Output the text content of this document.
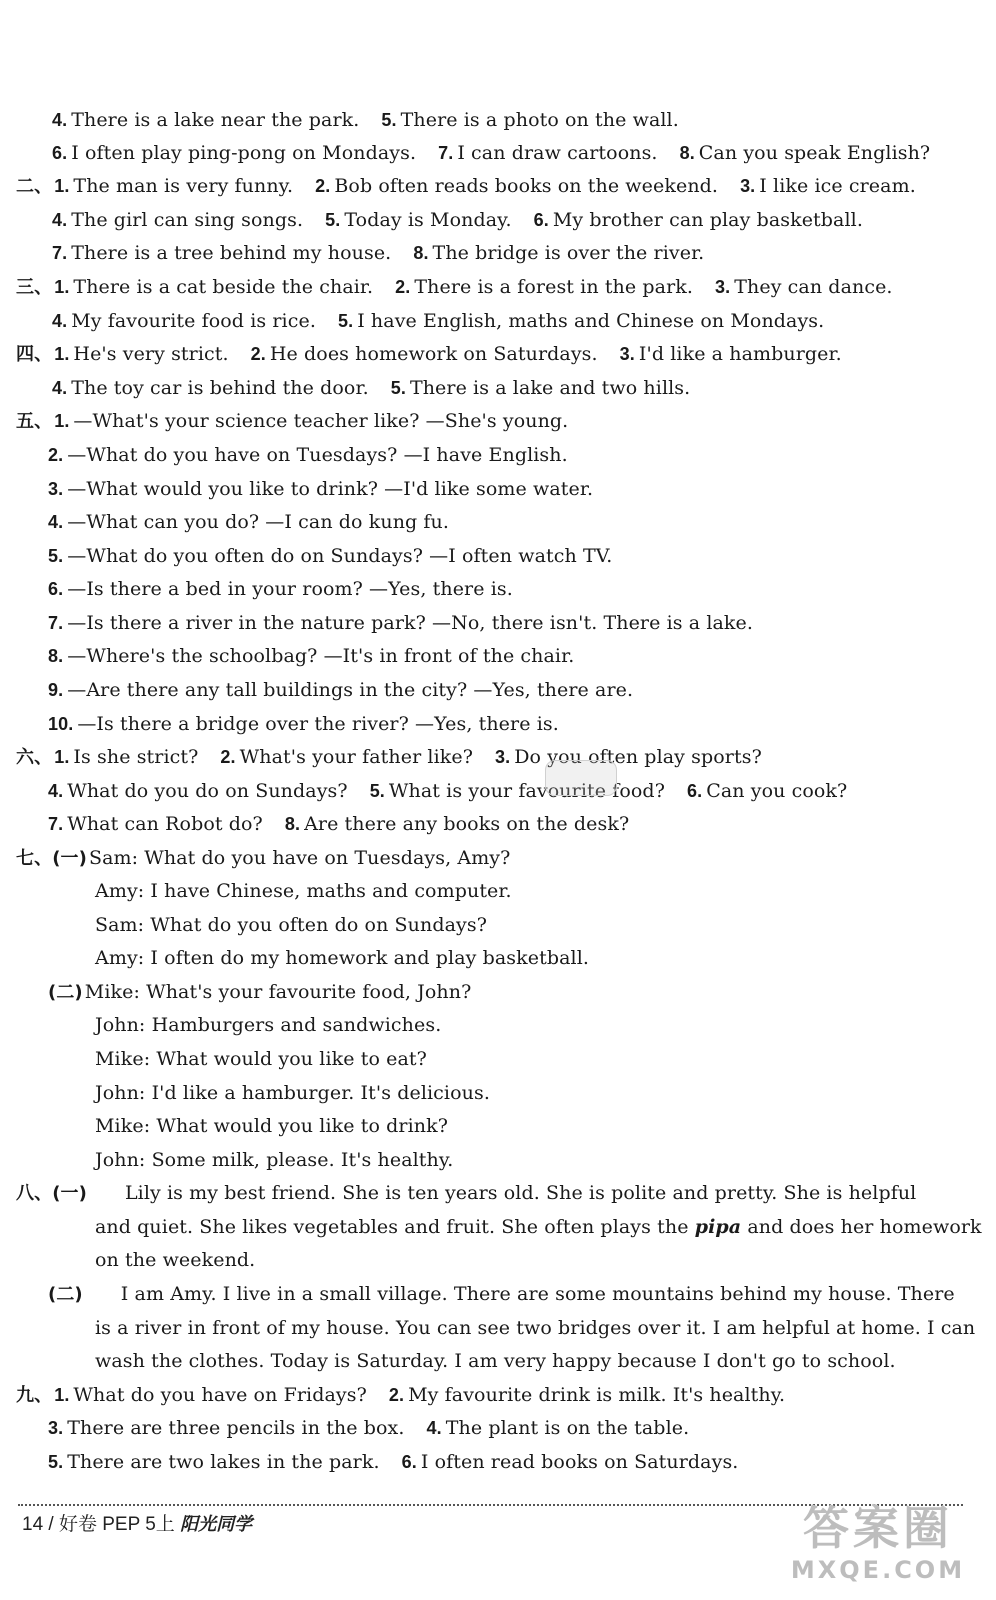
4. There is a lake near the park. 5. There is a photo on the wall.
6. I often play ping-pong on Mondays. 7. I can draw cartoons. 8. Can you speak English?
二、 1. The man is very funny. 2. Bob often reads books on the weekend. 3. I like ice cream.
4. The girl can sing songs. 5. Today is Monday. 6. My brother can play basketball.
7. There is a tree behind my house. 8. The bridge is over the river.
三、 1. There is a cat beside the chair. 2. There is a forest in the park. 3. They can dance.
4. My favourite food is rice. 5. I have English, maths and Chinese on Mondays.
四、 1. He's very strict. 2. He does homework on Saturdays. 3. I'd like a hamburger.
4. The toy car is behind the door. 5. There is a lake and two hills.
五、 1. —What's your science teacher like? —She's young.
2. —What do you have on Tuesdays? —I have English.
3. —What would you like to drink? —I'd like some water.
4. —What can you do? —I can do kung fu.
5. —What do you often do on Sundays? —I often watch TV.
6. —Is there a bed in your room? —Yes, there is.
7. —Is there a river in the nature park? —No, there isn't. There is a lake.
8. —Where's the schoolbag? —It's in front of the chair.
9. —Are there any tall buildings in the city? —Yes, there are.
10. —Is there a bridge over the river? —Yes, there is.
六、 1. Is she strict? 2. What's your father like? 3. Do you often play sports?
4. What do you do on Sundays? 5. What is your favourite food? 6. Can you cook?
7. What can Robot do? 8. Are there any books on the desk?
七、(一) Sam: What do you have on Tuesdays, Amy?
Amy: I have Chinese, maths and computer.
Sam: What do you often do on Sundays?
Amy: I often do my homework and play basketball.
(二) Mike: What's your favourite food, John?
John: Hamburgers and sandwiches.
Mike: What would you like to eat?
John: I'd like a hamburger. It's delicious.
Mike: What would you like to drink?
John: Some milk, please. It's healthy.
八、(一) Lily is my best friend. She is ten years old. She is polite and pretty. She is helpful
and quiet. She likes vegetables and fruit. She often plays the pipa and does her homework
on the weekend.
(二) I am Amy. I live in a small village. There are some mountains behind my house. There
is a river in front of my house. You can see two bridges over it. I am helpful at home. I can
wash the clothes. Today is Saturday. I am very happy because I don't go to school.
九、 1. What do you have on Fridays? 2. My favourite drink is milk. It's healthy.
3. There are three pencils in the box. 4. The plant is on the table.
5. There are two lakes in the park. 6. I often read books on Saturdays.
14 / 好卷 PEP 5上 阳光同学	答案圈
MXQE.COM
